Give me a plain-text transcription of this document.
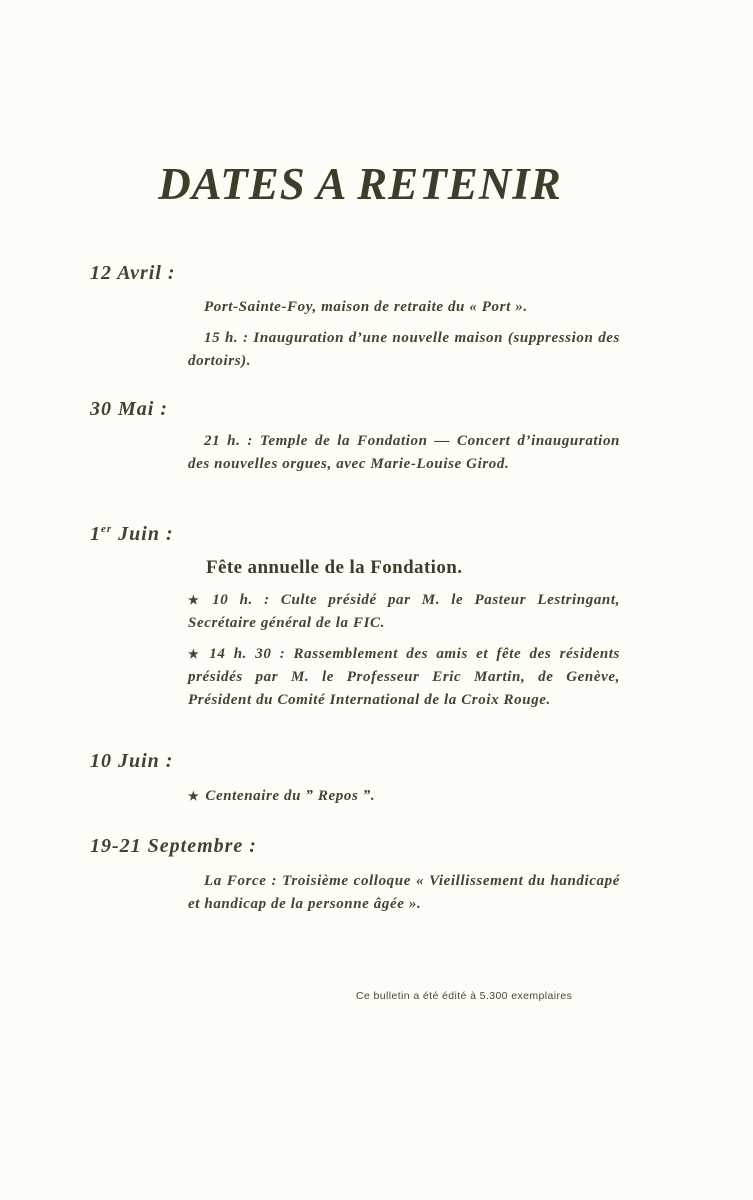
DATES A RETENIR
12 Avril :

Port-Sainte-Foy, maison de retraite du « Port ».

15 h. : Inauguration d’une nouvelle maison (suppression des dortoirs).

30 Mai :

21 h. : Temple de la Fondation — Concert d’inauguration des nouvelles orgues, avec Marie-Louise Girod.

1er Juin :
Fête annuelle de la Fondation.

★ 10 h. : Culte présidé par M. le Pasteur Lestringant, Secrétaire général de la FIC.

★ 14 h. 30 : Rassemblement des amis et fête des résidents présidés par M. le Professeur Eric Martin, de Genève, Président du Comité International de la Croix Rouge.

10 Juin :

★ Centenaire du ˮ Repos ˮ.

19-21 Septembre :

La Force : Troisième colloque « Vieillissement du handicapé et handicap de la personne âgée ».

Ce bulletin a été édité à 5.300 exemplaires
